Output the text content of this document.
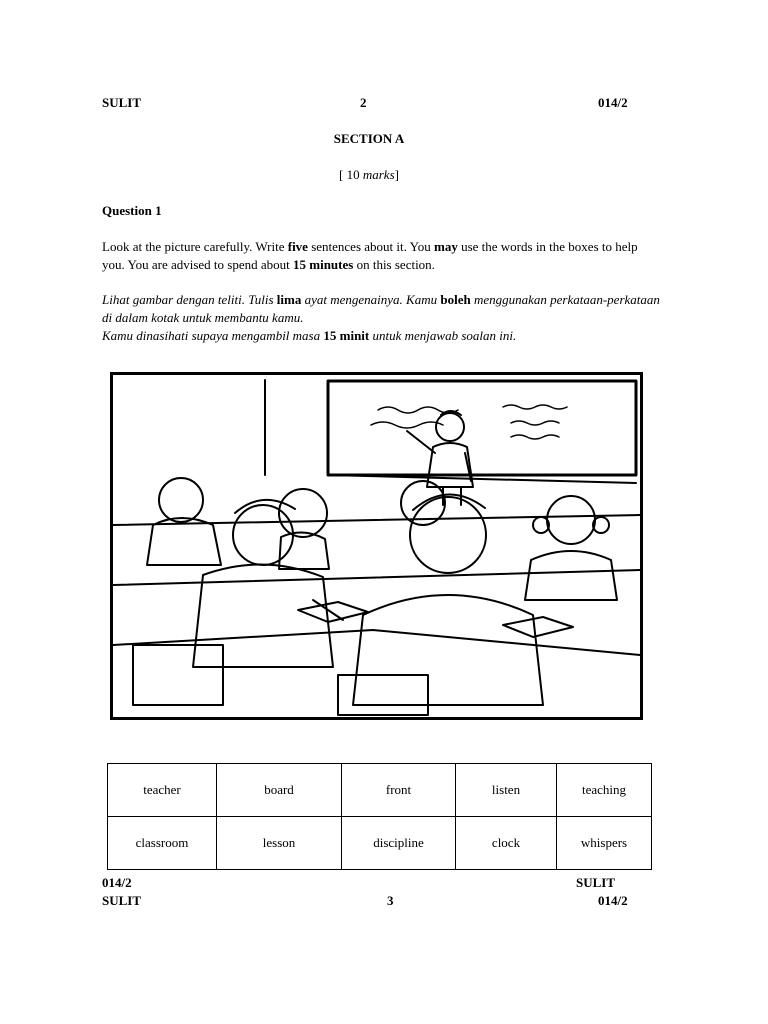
SULIT	2	014/2
SECTION A
[ 10 marks]
Question 1
Look at the picture carefully. Write five sentences about it. You may use the words in the boxes to help you. You are advised to spend about 15 minutes on this section.
Lihat gambar dengan teliti. Tulis lima ayat mengenainya. Kamu boleh menggunakan perkataan-perkataan di dalam kotak untuk membantu kamu.
Kamu dinasihati supaya mengambil masa 15 minit untuk menjawab soalan ini.
teacher	board	front	listen	teaching
classroom	lesson	discipline	clock	whispers
014/2	SULIT
SULIT	3	014/2
